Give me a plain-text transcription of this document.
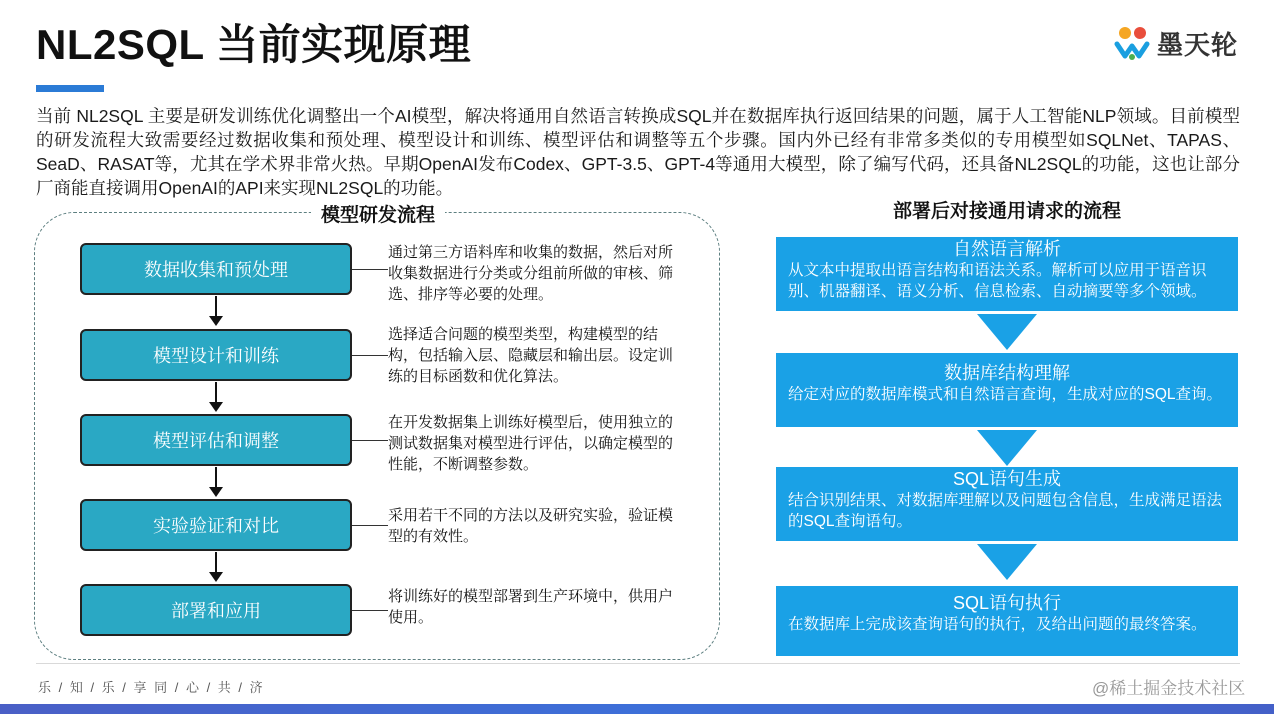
NL2SQL 当前实现原理	墨天轮
当前 NL2SQL 主要是研发训练优化调整出一个AI模型，解决将通用自然语言转换成SQL并在数据库执行返回结果的问题，属于人工智能NLP领域。目前模型的研发流程大致需要经过数据收集和预处理、模型设计和训练、模型评估和调整等五个步骤。国内外已经有非常多类似的专用模型如SQLNet、TAPAS、SeaD、RASAT等，尤其在学术界非常火热。早期OpenAI发布Codex、GPT-3.5、GPT-4等通用大模型，除了编写代码，还具备NL2SQL的功能，这也让部分厂商能直接调用OpenAI的API来实现NL2SQL的功能。
模型研发流程
数据收集和预处理
通过第三方语料库和收集的数据，然后对所收集数据进行分类或分组前所做的审核、筛选、排序等必要的处理。
模型设计和训练
选择适合问题的模型类型，构建模型的结构，包括输入层、隐藏层和输出层。设定训练的目标函数和优化算法。
模型评估和调整
在开发数据集上训练好模型后，使用独立的测试数据集对模型进行评估，以确定模型的性能，不断调整参数。
实验验证和对比
采用若干不同的方法以及研究实验，验证模型的有效性。
部署和应用
将训练好的模型部署到生产环境中，供用户使用。
部署后对接通用请求的流程
自然语言解析
从文本中提取出语言结构和语法关系。解析可以应用于语音识别、机器翻译、语义分析、信息检索、自动摘要等多个领域。
数据库结构理解
给定对应的数据库模式和自然语言查询，生成对应的SQL查询。
SQL语句生成
结合识别结果、对数据库理解以及问题包含信息，生成满足语法的SQL查询语句。
SQL语句执行
在数据库上完成该查询语句的执行，及给出问题的最终答案。
乐 / 知 / 乐 / 享 同 / 心 / 共 / 济	@稀土掘金技术社区
